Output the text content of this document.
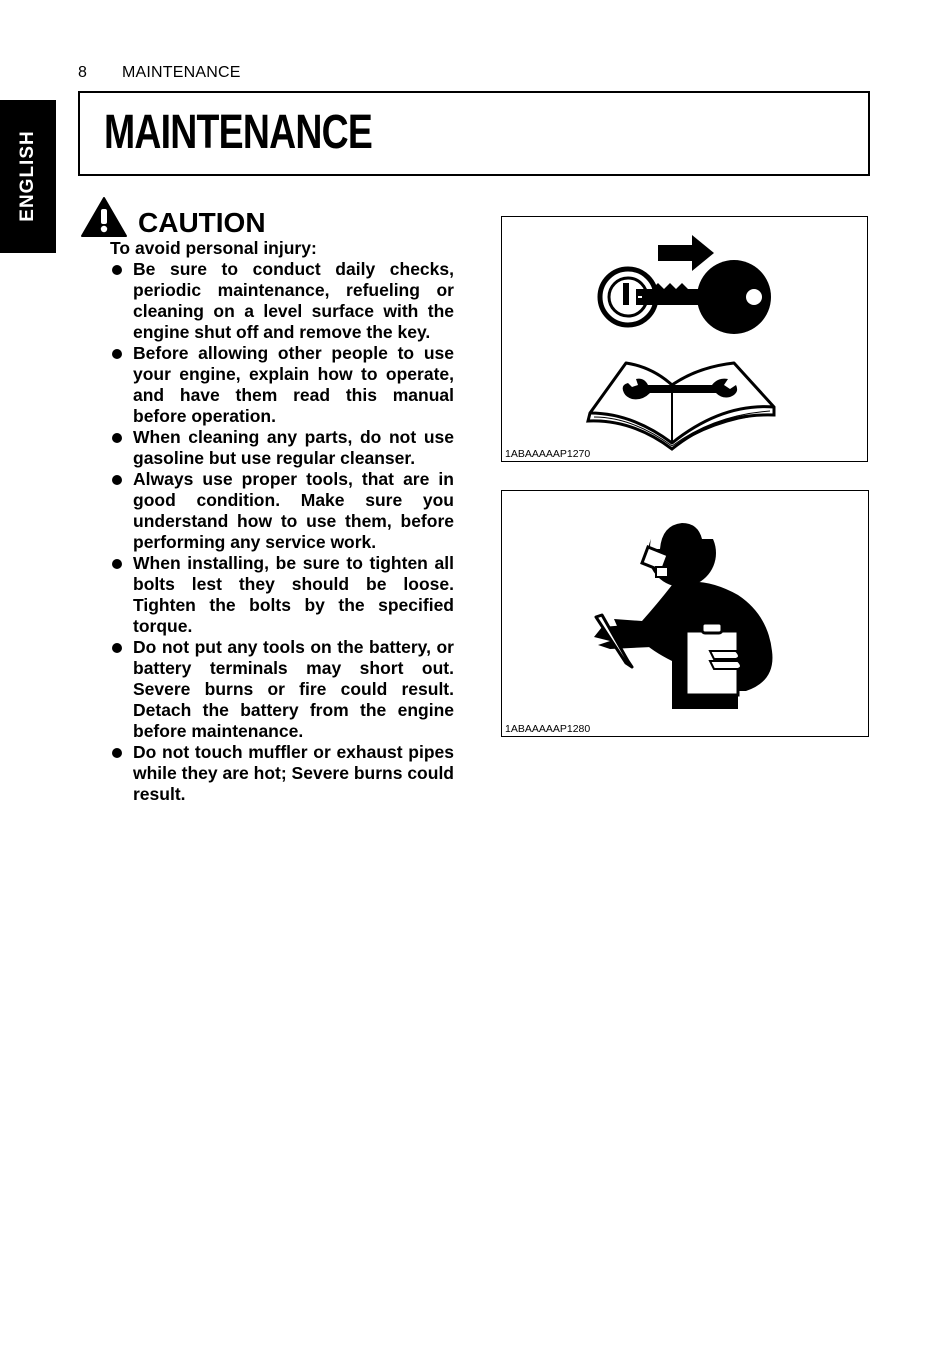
8 MAINTENANCE
ENGLISH MAINTENANCE
CAUTION
To avoid personal injury:
Be sure to conduct daily checks, periodic maintenance, refueling or cleaning on a level surface with the engine shut off and remove the key.
Before allowing other people to use your engine, explain how to operate, and have them read this manual before operation.
When cleaning any parts, do not use gasoline but use regular cleanser.
Always use proper tools, that are in good condition. Make sure you understand how to use them, before performing any service work.
When installing, be sure to tighten all bolts lest they should be loose. Tighten the bolts by the specified torque.
Do not put any tools on the battery, or battery terminals may short out. Severe burns or fire could result. Detach the battery from the engine before maintenance.
Do not touch muffler or exhaust pipes while they are hot; Severe burns could result.
1ABAAAAAP1270
1ABAAAAAP1280
